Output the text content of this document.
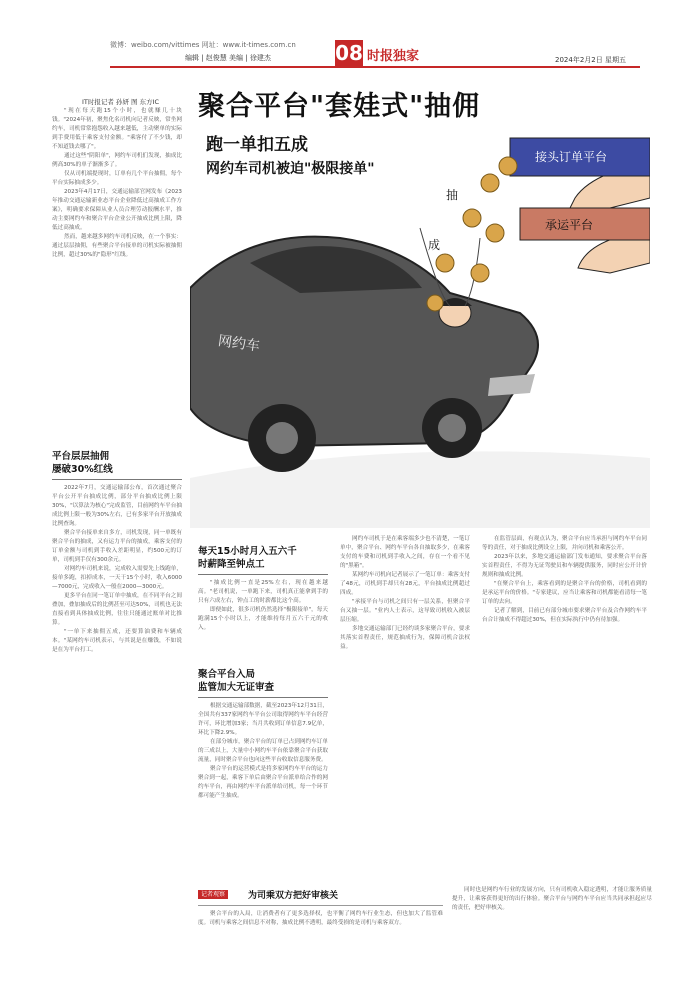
微博：weibo.com/vittimes 网址：www.it-times.com.cn
编辑 | 赵俊慧 美编 | 徐建杰	08 时报独家	2024年2月2日 星期五
IT时报记者 孙妍 图 东方IC

"现在每天跑15个小时，也就赚几十块钱。"2024年初，聚焦化名司机向记者反映，常坐网约车，司机常常抱怨收入越来越低，主动聚单的实际到手费用低于乘客支付金额。"乘客付了不少钱，却不知道钱去哪了"。

通过这些"阴阳单"，网约车司机们发现，抽成比例高30%的单子渐渐多了。

仅从司机端提现时，订单有几个平台抽佣，每个平台实际抽成多少。

2023年4月17日，交通运输部官网发布《2023年推动交通运输新业态平台企业降低过高抽成工作方案》，明确要求保障从业人员合理劳动报酬水平，推动主要网约车和聚合平台企业公开抽成比例上限，降低过高抽成。

然而，越来越多网约车司机反映，在一个事实：通过层层抽佣，有些聚合平台接单的司机实际被抽佣比例，超过30%的"隐形"红线。

聚合平台"套娃式"抽佣
跑一单扣五成
网约车司机被迫"极限接单"
网约车
抽
成
接头订单平台
承运平台
平台层层抽佣
屡破30%红线

2022年7月，交通运输部公布，首次通过聚合平台公开平台抽成比例，部分平台抽成比例上限30%，"以算法为核心"完成监管，目前网约车平台抽成比例上限一般为30%左右，已有多家平台开放抽成比例查询。

聚合平台接单来自多方，司机发现，同一单既有聚合平台的抽成，又有运力平台的抽成，乘客支付的订单金额与司机到手收入差距明显，约500元的订单，司机到手仅有300余元。

对网约车司机来说，完成收入需要先上线跑单，接单多跑，扣掉成本，一天干15个小时，收入6000—7000元，完成收入一般在2000—3000元。

更多平台在同一笔订单中抽成，在不同平台之间叠加，叠加抽成后的比例甚至可达50%，司机也无法直接看到具体抽成比例，往往只能通过账单对比推算。

"一单下来抽佣五成，还要算油费和车辆成本。"某网约车司机表示，与其说是在赚钱，不如说是在为平台打工。

每天15小时月入五六千
时薪降至钟点工

"抽成比例一直是25%左右，现在越来越高。"老司机说，一单跑下来，司机真正能拿到手的只有六成左右，钟点工的时薪都比这个高。

即便如此，很多司机仍然选择"极限接单"，每天跑满15个小时以上，才能维持每月五六千元的收入。

聚合平台入局
监管加大无证审查

根据交通运输部数据，截至2023年12月31日，全国共有337家网约车平台公司取得网约车平台经营许可，环比增加3家；当月共收到订单信息7.9亿单，环比下降2.9%。

在部分城市，聚合平台的订单已占到网约车订单的三成以上，大量中小网约车平台依靠聚合平台获取流量，同时聚合平台也向这些平台收取信息服务费。

聚合平台的运营模式是将多家网约车平台的运力聚合到一起，乘客下单后由聚合平台派单给合作的网约车平台，再由网约车平台派单给司机，每一个环节都可能产生抽成。

网约车司机于是在乘客端多少也不清楚，一笔订单中，聚合平台、网约车平台各自抽取多少，在乘客支付的车费和司机到手收入之间，存在一个看不见的"黑箱"。

某网约车司机向记者展示了一笔订单：乘客支付了48元，司机到手却只有28元，平台抽成比例超过四成。

"承接平台与司机之间只有一层关系，但聚合平台又抽一层。"业内人士表示，这导致司机收入被层层压缩。

多地交通运输部门已经约谈多家聚合平台，要求其落实首程责任，规范抽成行为，保障司机合法权益。

在监管层面，有观点认为，聚合平台应当承担与网约车平台同等的责任，对于抽成比例设立上限，并向司机和乘客公开。

2023年以来，多地交通运输部门发布通知，要求聚合平台落实首程责任，不得为无证驾驶员和车辆提供服务，同时应公开计价规则和抽成比例。

"在聚合平台上，乘客看到的是聚合平台的价格，司机看到的是承运平台的价格。"专家建议，应当让乘客和司机都能看清每一笔订单的去向。

记者了解到，目前已有部分城市要求聚合平台及合作网约车平台合计抽成不得超过30%，但在实际执行中仍有待加强。

记者观察	为司乘双方把好审核关

聚合平台的入局，让消费者有了更多选择权，也平衡了网约车行业生态，但也加大了监管难度。司机与乘客之间信息不对称，抽成比例不透明，最终受损的是司机与乘客双方。

同时也是网约车行业的发展方向，只有司机收入稳定透明，才能让服务质量提升，让乘客获得更好的出行体验。聚合平台与网约车平台应当共同承担起应尽的责任，把好审核关。
